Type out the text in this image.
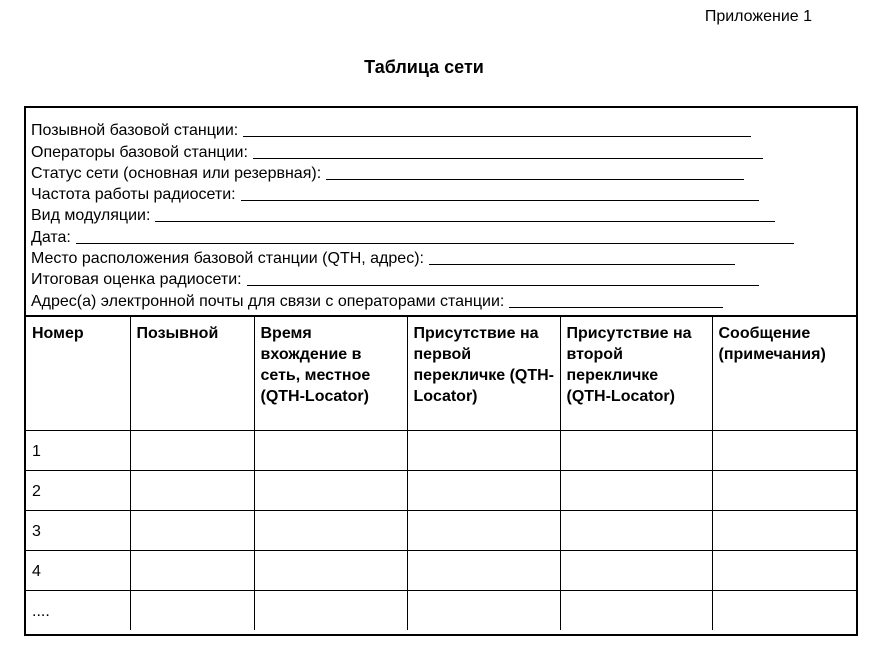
Приложение 1
Таблица сети
Позывной базовой станции:
Операторы базовой станции:
Статус сети (основная или резервная):
Частота работы радиосети:
Вид модуляции:
Дата:
Место расположения базовой станции (QTH, адрес):
Итоговая оценка радиосети:
Адрес(а) электронной почты для связи с операторами станции:
Номер	Позывной	Время вхождение в сеть, местное (QTH-Locator)	Присутствие на первой перекличке (QTH-Locator)	Присутствие на второй перекличке (QTH-Locator)	Сообщение (примечания)
1					
2					
3					
4					
....					
